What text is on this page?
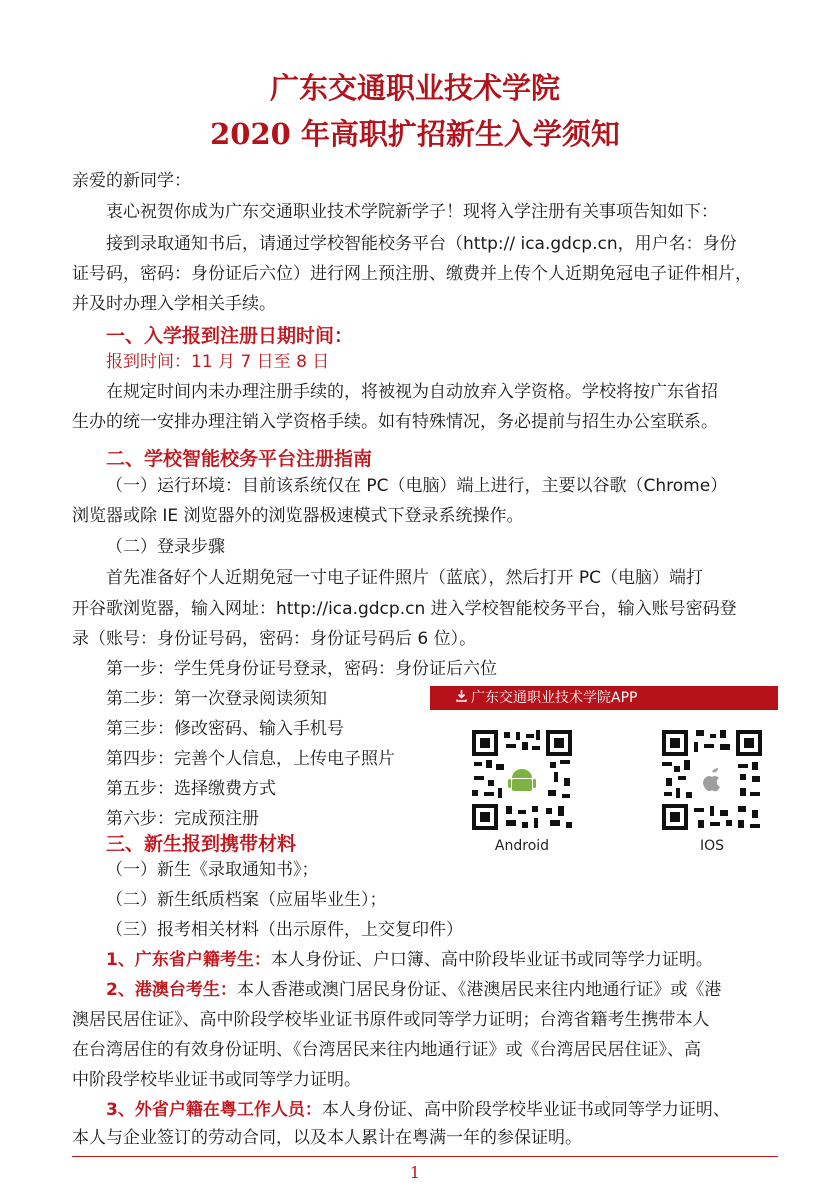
广东交通职业技术学院
2020 年高职扩招新生入学须知
亲爱的新同学：
衷心祝贺你成为广东交通职业技术学院新学子！现将入学注册有关事项告知如下：
接到录取通知书后，请通过学校智能校务平台（http:// ica.gdcp.cn，用户名：身份
证号码，密码：身份证后六位）进行网上预注册、缴费并上传个人近期免冠电子证件相片，
并及时办理入学相关手续。
一、入学报到注册日期时间：
报到时间：11 月 7 日至 8 日
在规定时间内未办理注册手续的，将被视为自动放弃入学资格。学校将按广东省招
生办的统一安排办理注销入学资格手续。如有特殊情况，务必提前与招生办公室联系。
二、学校智能校务平台注册指南
（一）运行环境：目前该系统仅在 PC（电脑）端上进行，主要以谷歌（Chrome）
浏览器或除 IE 浏览器外的浏览器极速模式下登录系统操作。
（二）登录步骤
首先准备好个人近期免冠一寸电子证件照片（蓝底），然后打开 PC（电脑）端打
开谷歌浏览器，输入网址：http://ica.gdcp.cn 进入学校智能校务平台，输入账号密码登
录（账号：身份证号码，密码：身份证号码后 6 位）。
第一步：学生凭身份证号登录，密码：身份证后六位
第二步：第一次登录阅读须知
第三步：修改密码、输入手机号
第四步：完善个人信息，上传电子照片
第五步：选择缴费方式
第六步：完成预注册
广东交通职业技术学院APP
Android	IOS
三、新生报到携带材料
（一）新生《录取通知书》；
（二）新生纸质档案（应届毕业生）；
（三）报考相关材料（出示原件，上交复印件）
1、广东省户籍考生：本人身份证、户口簿、高中阶段毕业证书或同等学力证明。
2、港澳台考生：本人香港或澳门居民身份证、《港澳居民来往内地通行证》或《港
澳居民居住证》、高中阶段学校毕业证书原件或同等学力证明；台湾省籍考生携带本人
在台湾居住的有效身份证明、《台湾居民来往内地通行证》或《台湾居民居住证》、高
中阶段学校毕业证书或同等学力证明。
3、外省户籍在粤工作人员：本人身份证、高中阶段学校毕业证书或同等学力证明、
本人与企业签订的劳动合同，以及本人累计在粤满一年的参保证明。
1
